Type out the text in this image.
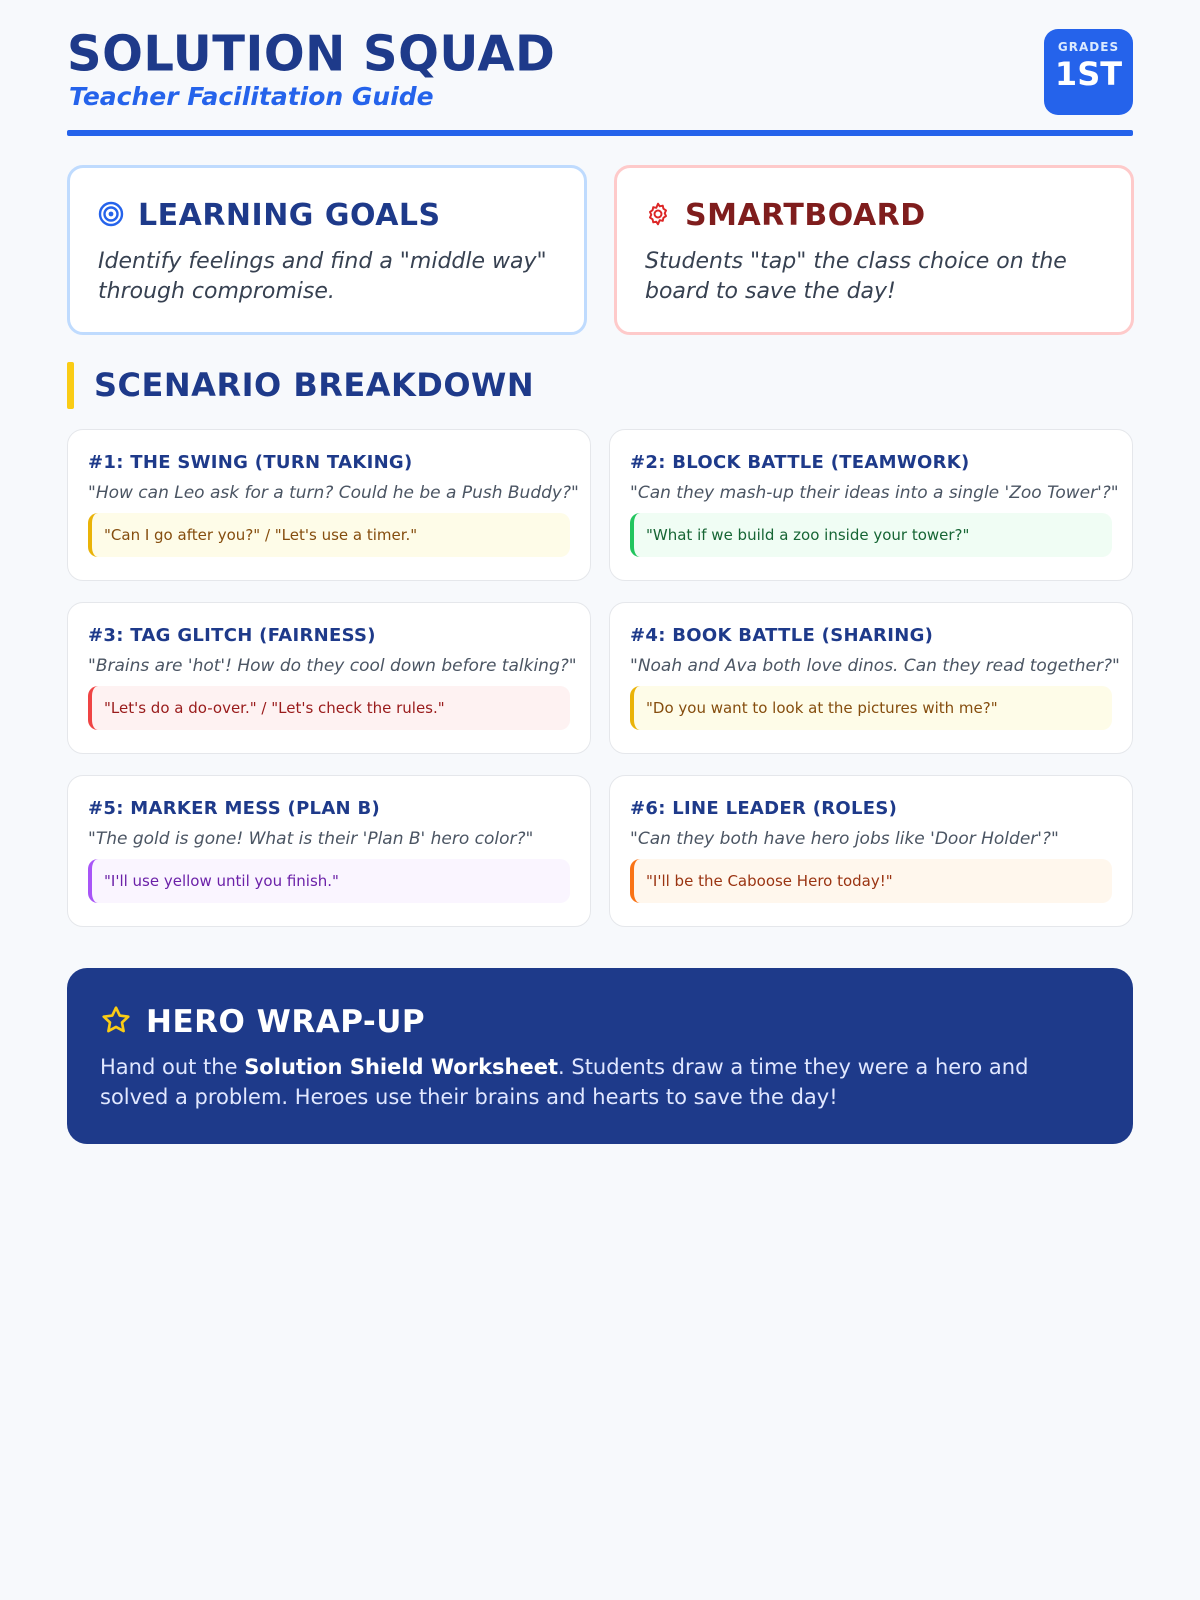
SOLUTION SQUAD
Teacher Facilitation Guide
GRADES
1ST
LEARNING GOALS
Identify feelings and find a "middle way" through compromise.
SMARTBOARD
Students "tap" the class choice on the board to save the day!
SCENARIO BREAKDOWN
#1: THE SWING (TURN TAKING)
"How can Leo ask for a turn? Could he be a Push Buddy?"
"Can I go after you?" / "Let's use a timer."
#2: BLOCK BATTLE (TEAMWORK)
"Can they mash-up their ideas into a single 'Zoo Tower'?"
"What if we build a zoo inside your tower?"
#3: TAG GLITCH (FAIRNESS)
"Brains are 'hot'! How do they cool down before talking?"
"Let's do a do-over." / "Let's check the rules."
#4: BOOK BATTLE (SHARING)
"Noah and Ava both love dinos. Can they read together?"
"Do you want to look at the pictures with me?"
#5: MARKER MESS (PLAN B)
"The gold is gone! What is their 'Plan B' hero color?"
"I'll use yellow until you finish."
#6: LINE LEADER (ROLES)
"Can they both have hero jobs like 'Door Holder'?"
"I'll be the Caboose Hero today!"
HERO WRAP-UP
Hand out the Solution Shield Worksheet. Students draw a time they were a hero and solved a problem. Heroes use their brains and hearts to save the day!
